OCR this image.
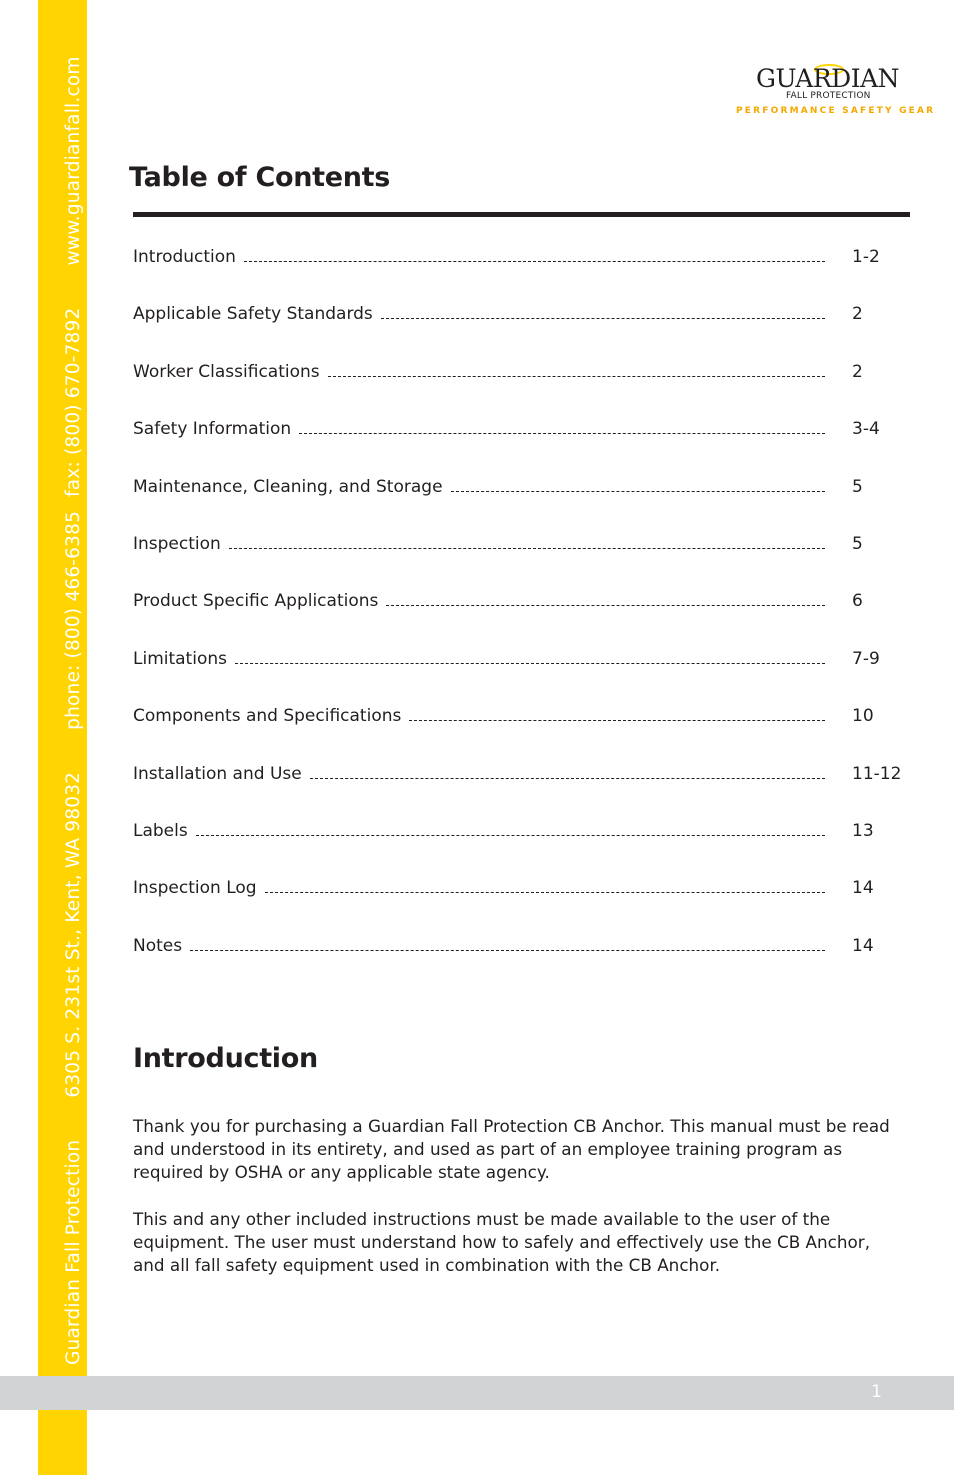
Guardian Fall Protection6305 S. 231st St., Kent, WA 98032phone: (800) 466-6385fax: (800) 670-7892www.guardianfall.com	GUARDIAN
FALL PROTECTION
PERFORMANCE SAFETY GEAR
Table of Contents
Introduction	1-2
Applicable Safety Standards	2
Worker Classifications	2
Safety Information	3-4
Maintenance, Cleaning, and Storage	5
Inspection	5
Product Specific Applications	6
Limitations	7-9
Components and Specifications	10
Installation and Use	11-12
Labels	13
Inspection Log	14
Notes	14
Introduction

Thank you for purchasing a Guardian Fall Protection CB Anchor. This manual must be read and understood in its entirety, and used as part of an employee training program as required by OSHA or any applicable state agency.

This and any other included instructions must be made available to the user of the equipment. The user must understand how to safely and effectively use the CB Anchor, and all fall safety equipment used in combination with the CB Anchor.

1
